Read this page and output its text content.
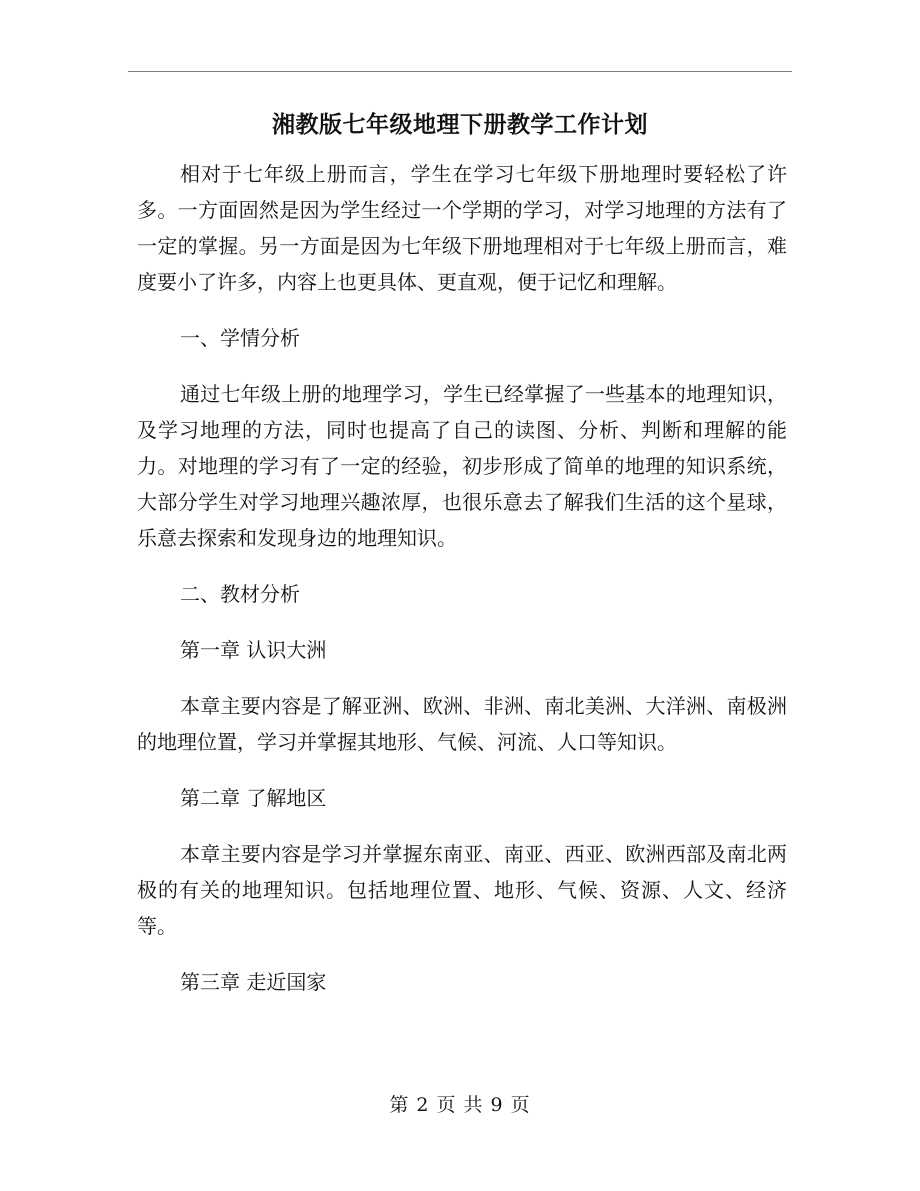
湘教版七年级地理下册教学工作计划

相对于七年级上册而言，学生在学习七年级下册地理时要轻松了许多。一方面固然是因为学生经过一个学期的学习，对学习地理的方法有了一定的掌握。另一方面是因为七年级下册地理相对于七年级上册而言，难度要小了许多，内容上也更具体、更直观，便于记忆和理解。

一、学情分析

通过七年级上册的地理学习，学生已经掌握了一些基本的地理知识，及学习地理的方法，同时也提高了自己的读图、分析、判断和理解的能力。对地理的学习有了一定的经验，初步形成了简单的地理的知识系统，大部分学生对学习地理兴趣浓厚，也很乐意去了解我们生活的这个星球，乐意去探索和发现身边的地理知识。

二、教材分析

第一章 认识大洲

本章主要内容是了解亚洲、欧洲、非洲、南北美洲、大洋洲、南极洲的地理位置，学习并掌握其地形、气候、河流、人口等知识。

第二章 了解地区

本章主要内容是学习并掌握东南亚、南亚、西亚、欧洲西部及南北两极的有关的地理知识。包括地理位置、地形、气候、资源、人文、经济等。

第三章 走近国家

第 2 页 共 9 页
